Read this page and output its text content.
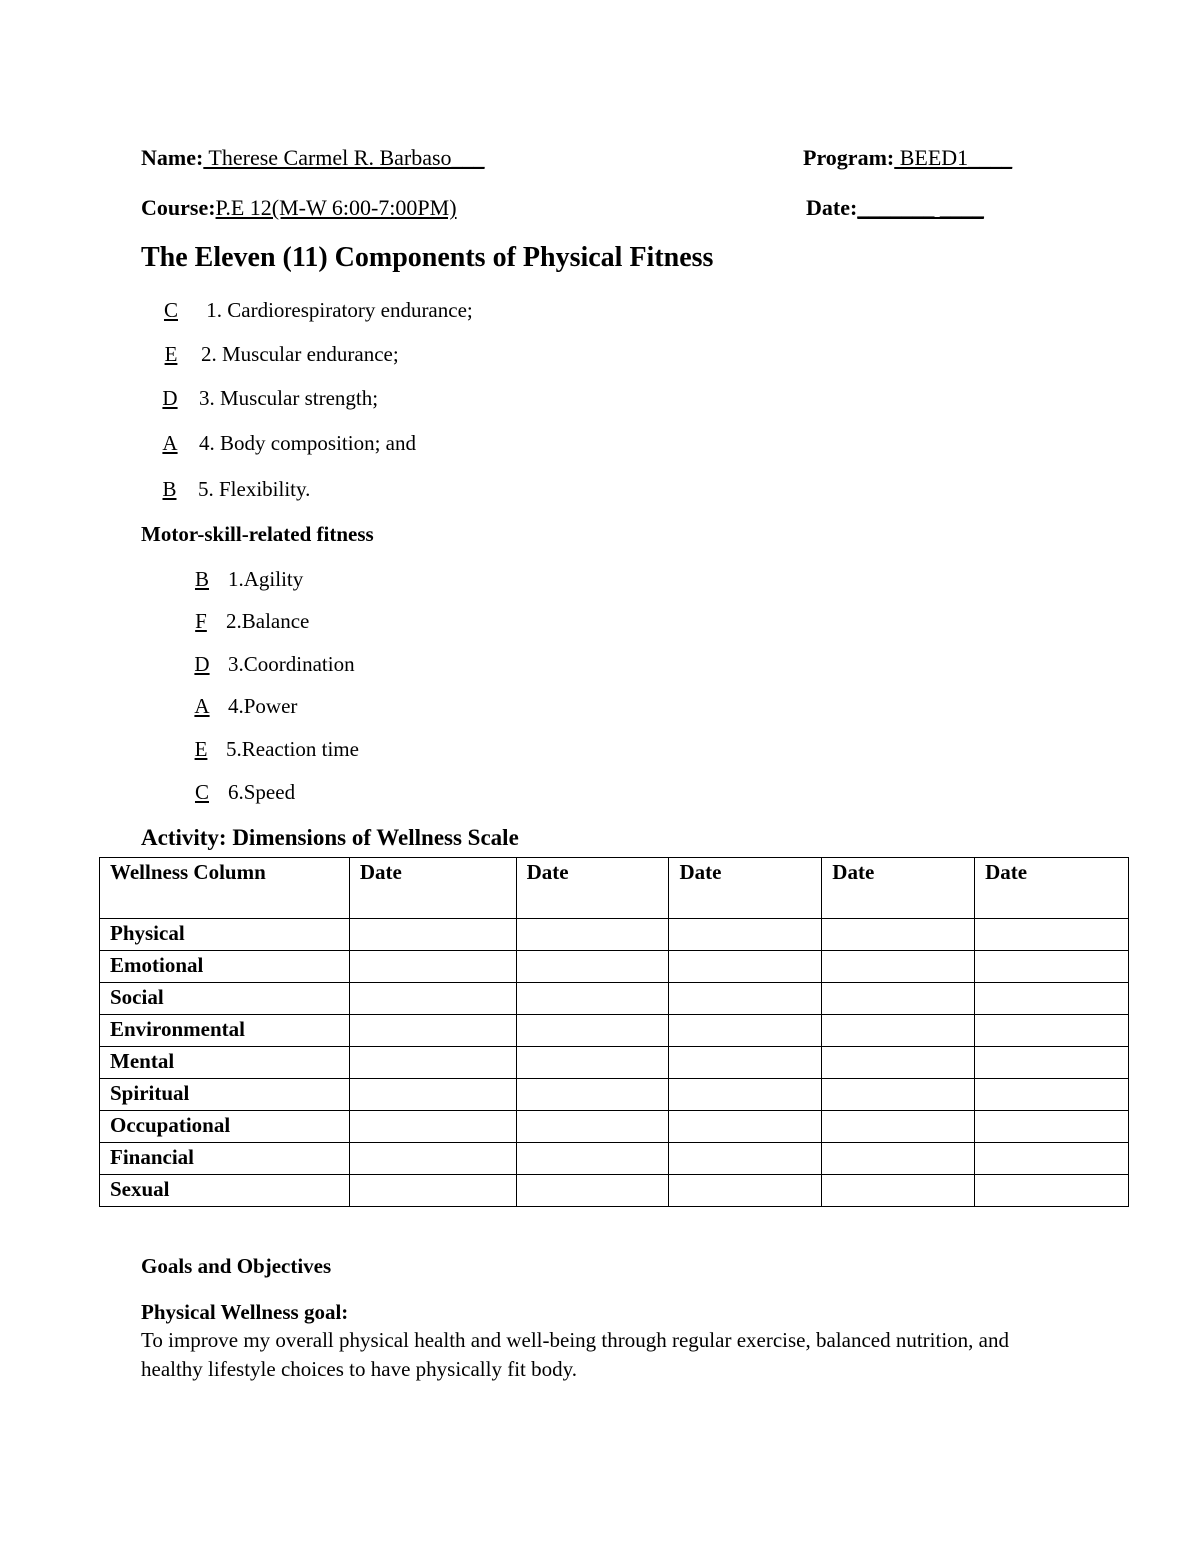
Name: Therese Carmel R. Barbaso___	Program: BEED1____
Course:P.E 12(M-W 6:00-7:00PM)	Date:_______ ____
The Eleven (11) Components of Physical Fitness
C 1. Cardiorespiratory endurance;
E 2. Muscular endurance;
D 3. Muscular strength;
A 4. Body composition; and
B 5. Flexibility.
Motor-skill-related fitness
B 1.Agility
F 2.Balance
D 3.Coordination
A 4.Power
E 5.Reaction time
C 6.Speed
Activity: Dimensions of Wellness Scale
Wellness Column	Date	Date	Date	Date	Date
Physical					
Emotional					
Social					
Environmental					
Mental					
Spiritual					
Occupational					
Financial					
Sexual					
Goals and Objectives
Physical Wellness goal:
To improve my overall physical health and well-being through regular exercise, balanced nutrition, and healthy lifestyle choices to have physically fit body.
